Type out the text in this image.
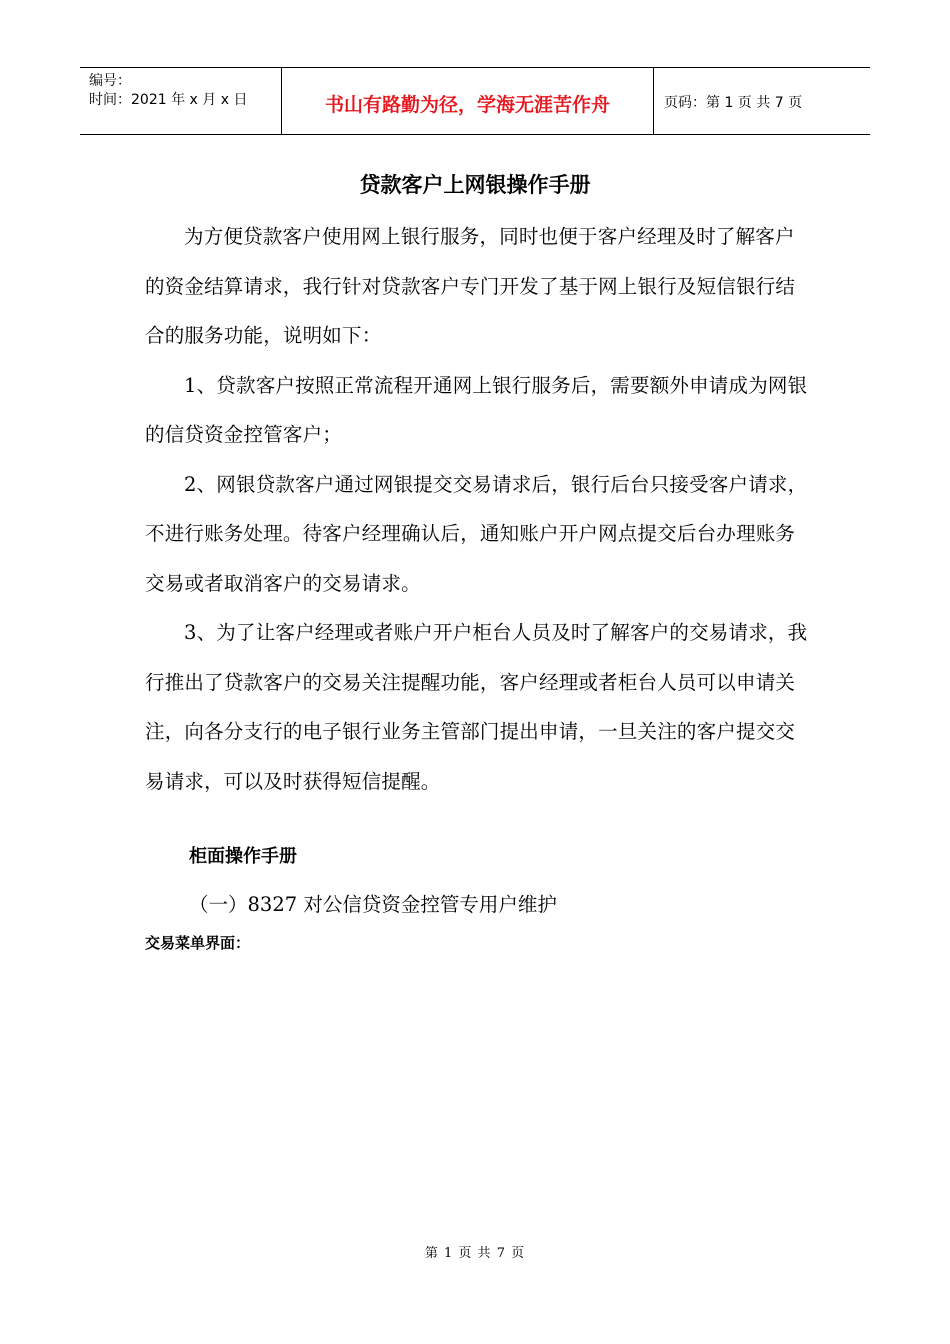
编号：
时间：2021 年 x 月 x 日	书山有路勤为径，学海无涯苦作舟	页码：第 1 页 共 7 页
贷款客户上网银操作手册

为方便贷款客户使用网上银行服务，同时也便于客户经理及时了解客户的资金结算请求，我行针对贷款客户专门开发了基于网上银行及短信银行结合的服务功能，说明如下：

1、贷款客户按照正常流程开通网上银行服务后，需要额外申请成为网银的信贷资金控管客户；

2、网银贷款客户通过网银提交交易请求后，银行后台只接受客户请求，不进行账务处理。待客户经理确认后，通知账户开户网点提交后台办理账务交易或者取消客户的交易请求。

3、为了让客户经理或者账户开户柜台人员及时了解客户的交易请求，我行推出了贷款客户的交易关注提醒功能，客户经理或者柜台人员可以申请关注，向各分支行的电子银行业务主管部门提出申请，一旦关注的客户提交交易请求，可以及时获得短信提醒。

柜面操作手册
（一）8327 对公信贷资金控管专用户维护
交易菜单界面：
第 1 页 共 7 页
